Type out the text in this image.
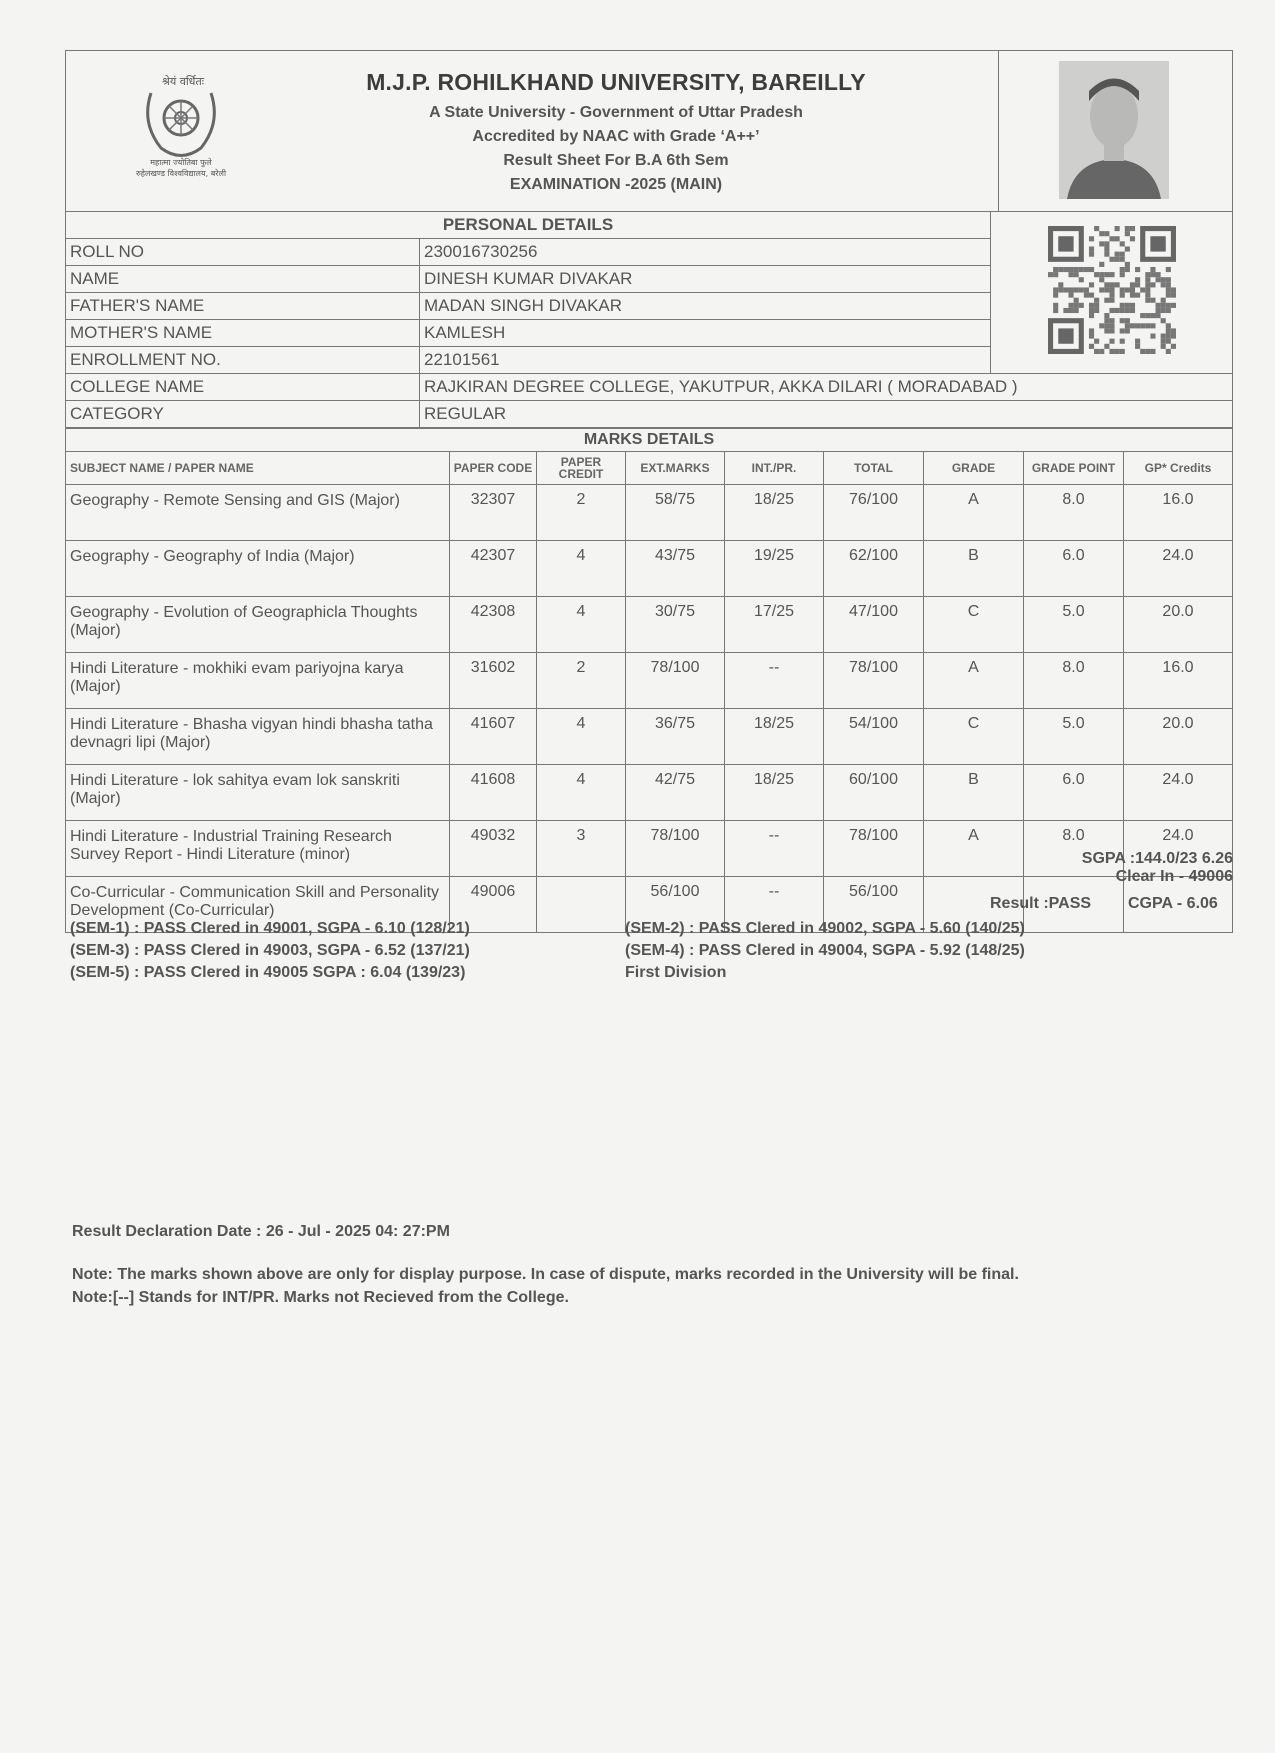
श्रेयं वर्धितः
महात्मा ज्योतिबा फुले
रुहेलखण्ड विश्वविद्यालय, बरेली
M.J.P. ROHILKHAND UNIVERSITY, BAREILLY
A State University - Government of Uttar Pradesh
Accredited by NAAC with Grade ‘A++’
Result Sheet For B.A 6th Sem
EXAMINATION -2025 (MAIN)
PERSONAL DETAILS	
ROLL NO	230016730256	
NAME	DINESH KUMAR DIVAKAR	
FATHER'S NAME	MADAN SINGH DIVAKAR	
MOTHER'S NAME	KAMLESH	
ENROLLMENT NO.	22101561	
COLLEGE NAME	RAJKIRAN DEGREE COLLEGE, YAKUTPUR, AKKA DILARI ( MORADABAD )	
CATEGORY	REGULAR	
MARKS DETAILS								
SUBJECT NAME / PAPER NAME	PAPER CODE	PAPER CREDIT	EXT.MARKS	INT./PR.	TOTAL	GRADE	GRADE POINT	GP* Credits
Geography - Remote Sensing and GIS (Major)	32307	2	58/75	18/25	76/100	A	8.0	16.0
Geography - Geography of India (Major)	42307	4	43/75	19/25	62/100	B	6.0	24.0
Geography - Evolution of Geographicla Thoughts (Major)	42308	4	30/75	17/25	47/100	C	5.0	20.0
Hindi Literature - mokhiki evam pariyojna karya (Major)	31602	2	78/100	--	78/100	A	8.0	16.0
Hindi Literature - Bhasha vigyan hindi bhasha tatha devnagri lipi (Major)	41607	4	36/75	18/25	54/100	C	5.0	20.0
Hindi Literature - lok sahitya evam lok sanskriti (Major)	41608	4	42/75	18/25	60/100	B	6.0	24.0
Hindi Literature - Industrial Training Research Survey Report - Hindi Literature (minor)	49032	3	78/100	--	78/100	A	8.0	24.0
Co-Curricular - Communication Skill and Personality Development (Co-Curricular)	49006		56/100	--	56/100			
SGPA :144.0/23 6.26
Clear In - 49006
Result :PASS CGPA - 6.06
(SEM-1) : PASS Clered in 49001, SGPA - 6.10 (128/21)
(SEM-3) : PASS Clered in 49003, SGPA - 6.52 (137/21)
(SEM-5) : PASS Clered in 49005 SGPA : 6.04 (139/23)
(SEM-2) : PASS Clered in 49002, SGPA - 5.60 (140/25)
(SEM-4) : PASS Clered in 49004, SGPA - 5.92 (148/25)
First Division
Result Declaration Date : 26 - Jul - 2025 04: 27:PM
Note: The marks shown above are only for display purpose. In case of dispute, marks recorded in the University will be final.
Note:[--] Stands for INT/PR. Marks not Recieved from the College.
